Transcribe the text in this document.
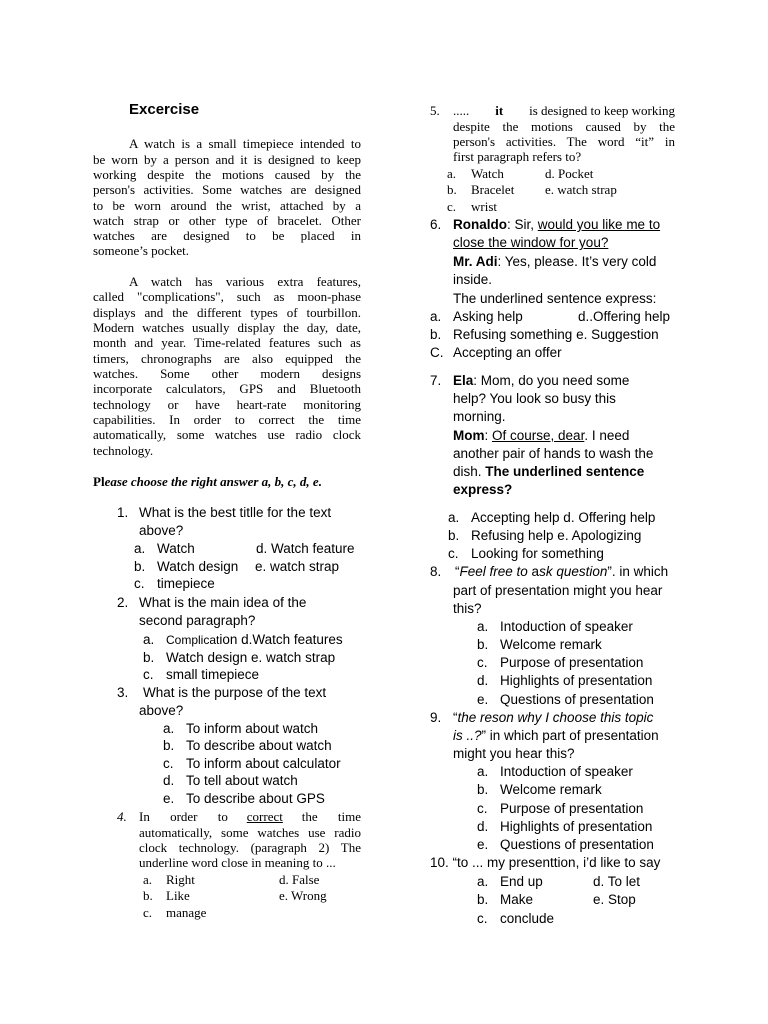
Excercise
A watch is a small timepiece intended to
be worn by a person and it is designed to keep
working despite the motions caused by the
person's activities. Some watches are designed
to be worn around the wrist, attached by a
watch strap or other type of bracelet. Other
watches are designed to be placed in
someone’s pocket.
A watch has various extra features,
called "complications", such as moon-phase
displays and the different types of tourbillon.
Modern watches usually display the day, date,
month and year. Time-related features such as
timers, chronographs are also equipped the
watches. Some other modern designs
incorporate calculators, GPS and Bluetooth
technology or have heart-rate monitoring
capabilities. In order to correct the time
automatically, some watches use radio clock
technology.
Please choose the right answer a, b, c, d, e.
1. What is the best titlle for the text
above?
a. Watch	d. Watch feature
b. Watch design e. watch strap
c. timepiece
2. What is the main idea of the
second paragraph?
a. Complication d.Watch features
b. Watch design e. watch strap
c. small timepiece
3. What is the purpose of the text
above?
a. To inform about watch
b. To describe about watch
c. To inform about calculator
d. To tell about watch
e. To describe about GPS
4. In order to correct the time
automatically, some watches use radio
clock technology. (paragraph 2) The
underline word close in meaning to ...
a. Right	d. False
b. Like	e. Wrong
c. manage
5. ..... it is designed to keep working
despite the motions caused by the
person's activities. The word “it” in
first paragraph refers to?
a. Watch	d. Pocket
b. Bracelet e. watch strap
c. wrist
6. Ronaldo: Sir, would you like me to
close the window for you?
Mr. Adi: Yes, please. It’s very cold
inside.
The underlined sentence express:
a. Asking help	d..Offering help
b. Refusing something e. Suggestion
C. Accepting an offer
7. Ela: Mom, do you need some
help? You look so busy this
morning.
Mom: Of course, dear. I need
another pair of hands to wash the
dish. The underlined sentence
express?
a. Accepting help d. Offering help
b. Refusing help e. Apologizing
c. Looking for something
8. “Feel free to ask question”. in which
part of presentation might you hear
this?
a. Intoduction of speaker
b. Welcome remark
c. Purpose of presentation
d. Highlights of presentation
e. Questions of presentation
9. “the reson why I choose this topic
is ..?” in which part of presentation
might you hear this?
a. Intoduction of speaker
b. Welcome remark
c. Purpose of presentation
d. Highlights of presentation
e. Questions of presentation
10. “to ... my presenttion, i’d like to say
a. End up	d. To let
b. Make	e. Stop
c. conclude
